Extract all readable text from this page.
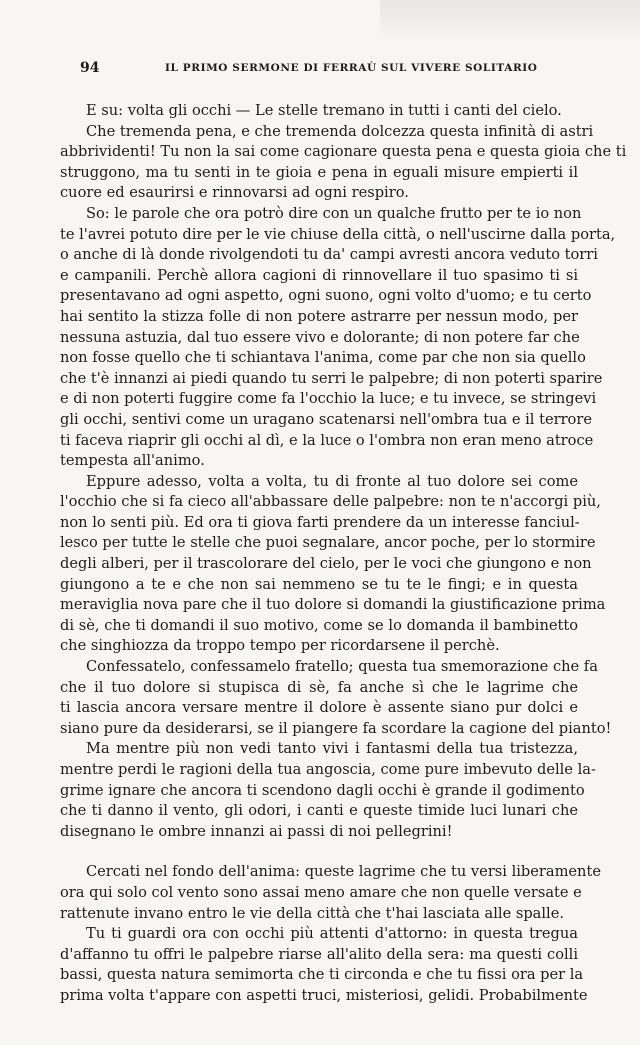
94	IL PRIMO SERMONE DI FERRAÙ SUL VIVERE SOLITARIO

E su: volta gli occhi — Le stelle tremano in tutti i canti del cielo.

Che tremenda pena, e che tremenda dolcezza questa infinità di astri
abbrividenti! Tu non la sai come cagionare questa pena e questa gioia che ti
struggono, ma tu senti in te gioia e pena in eguali misure empierti il
cuore ed esaurirsi e rinnovarsi ad ogni respiro.

So: le parole che ora potrò dire con un qualche frutto per te io non
te l'avrei potuto dire per le vie chiuse della città, o nell'uscirne dalla porta,
o anche di là donde rivolgendoti tu da' campi avresti ancora veduto torri
e campanili. Perchè allora cagioni di rinnovellare il tuo spasimo ti si
presentavano ad ogni aspetto, ogni suono, ogni volto d'uomo; e tu certo
hai sentito la stizza folle di non potere astrarre per nessun modo, per
nessuna astuzia, dal tuo essere vivo e dolorante; di non potere far che
non fosse quello che ti schiantava l'anima, come par che non sia quello
che t'è innanzi ai piedi quando tu serri le palpebre; di non poterti sparire
e di non poterti fuggire come fa l'occhio la luce; e tu invece, se stringevi
gli occhi, sentivi come un uragano scatenarsi nell'ombra tua e il terrore
ti faceva riaprir gli occhi al dì, e la luce o l'ombra non eran meno atroce
tempesta all'animo.

Eppure adesso, volta a volta, tu di fronte al tuo dolore sei come
l'occhio che si fa cieco all'abbassare delle palpebre: non te n'accorgi più,
non lo senti più. Ed ora ti giova farti prendere da un interesse fanciul-
lesco per tutte le stelle che puoi segnalare, ancor poche, per lo stormire
degli alberi, per il trascolorare del cielo, per le voci che giungono e non
giungono a te e che non sai nemmeno se tu te le fingi; e in questa
meraviglia nova pare che il tuo dolore si domandi la giustificazione prima
di sè, che ti domandi il suo motivo, come se lo domanda il bambinetto
che singhiozza da troppo tempo per ricordarsene il perchè.

Confessatelo, confessamelo fratello; questa tua smemorazione che fa
che il tuo dolore si stupisca di sè, fa anche sì che le lagrime che
ti lascia ancora versare mentre il dolore è assente siano pur dolci e
siano pure da desiderarsi, se il piangere fa scordare la cagione del pianto!

Ma mentre più non vedi tanto vivi i fantasmi della tua tristezza,
mentre perdi le ragioni della tua angoscia, come pure imbevuto delle la-
grime ignare che ancora ti scendono dagli occhi è grande il godimento
che ti danno il vento, gli odori, i canti e queste timide luci lunari che
disegnano le ombre innanzi ai passi di noi pellegrini!

Cercati nel fondo dell'anima: queste lagrime che tu versi liberamente
ora qui solo col vento sono assai meno amare che non quelle versate e
rattenute invano entro le vie della città che t'hai lasciata alle spalle.

Tu ti guardi ora con occhi più attenti d'attorno: in questa tregua
d'affanno tu offri le palpebre riarse all'alito della sera: ma questi colli
bassi, questa natura semimorta che ti circonda e che tu fissi ora per la
prima volta t'appare con aspetti truci, misteriosi, gelidi. Probabilmente
